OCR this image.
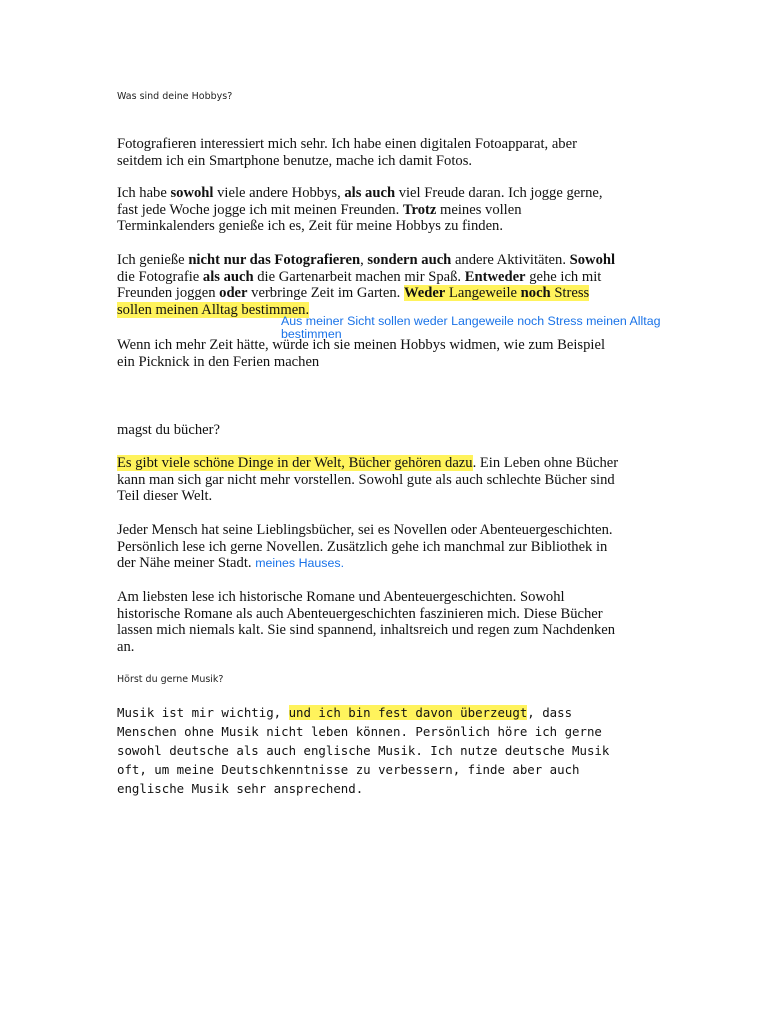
Was sind deine Hobbys?
Fotografieren interessiert mich sehr. Ich habe einen digitalen Fotoapparat, aber
seitdem ich ein Smartphone benutze, mache ich damit Fotos.
Ich habe sowohl viele andere Hobbys, als auch viel Freude daran. Ich jogge gerne,
fast jede Woche jogge ich mit meinen Freunden. Trotz meines vollen
Terminkalenders genieße ich es, Zeit für meine Hobbys zu finden.
Ich genieße nicht nur das Fotografieren, sondern auch andere Aktivitäten. Sowohl
die Fotografie als auch die Gartenarbeit machen mir Spaß. Entweder gehe ich mit
Freunden joggen oder verbringe Zeit im Garten. Weder Langeweile noch Stress
sollen meinen Alltag bestimmen.
Aus meiner Sicht sollen weder Langeweile noch Stress meinen Alltag
bestimmen
Wenn ich mehr Zeit hätte, würde ich sie meinen Hobbys widmen, wie zum Beispiel
ein Picknick in den Ferien machen
magst du bücher?
Es gibt viele schöne Dinge in der Welt, Bücher gehören dazu. Ein Leben ohne Bücher
kann man sich gar nicht mehr vorstellen. Sowohl gute als auch schlechte Bücher sind
Teil dieser Welt.
Jeder Mensch hat seine Lieblingsbücher, sei es Novellen oder Abenteuergeschichten.
Persönlich lese ich gerne Novellen. Zusätzlich gehe ich manchmal zur Bibliothek in
der Nähe meiner Stadt. meines Hauses.
Am liebsten lese ich historische Romane und Abenteuergeschichten. Sowohl
historische Romane als auch Abenteuergeschichten faszinieren mich. Diese Bücher
lassen mich niemals kalt. Sie sind spannend, inhaltsreich und regen zum Nachdenken
an.
Hörst du gerne Musik?
Musik ist mir wichtig, und ich bin fest davon überzeugt, dass
Menschen ohne Musik nicht leben können. Persönlich höre ich gerne
sowohl deutsche als auch englische Musik. Ich nutze deutsche Musik
oft, um meine Deutschkenntnisse zu verbessern, finde aber auch
englische Musik sehr ansprechend.
